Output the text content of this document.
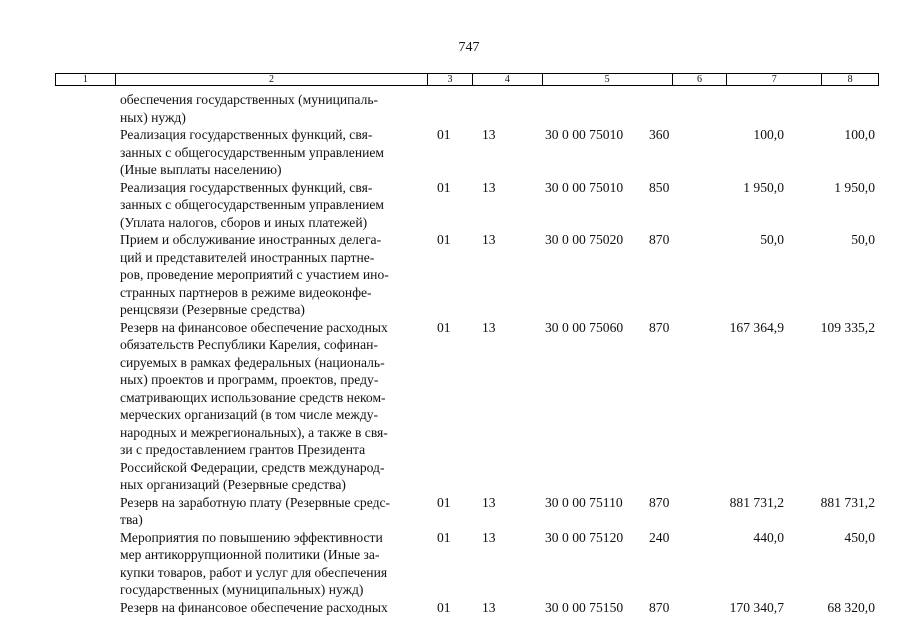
747
1	2	3	4	5	6	7	8
обеспечения государственных (муниципаль-
ных) нужд)
Реализация государственных функций, свя-
занных с общегосударственным управлением
(Иные выплаты населению)
01 13	30 0 00 75010 360	100,0	100,0
Реализация государственных функций, свя-
занных с общегосударственным управлением
(Уплата налогов, сборов и иных платежей)
01 13	30 0 00 75010 850	1 950,0	1 950,0
Прием и обслуживание иностранных делега-
ций и представителей иностранных партне-
ров, проведение мероприятий с участием ино-
странных партнеров в режиме видеоконфе-
ренцсвязи (Резервные средства)
01 13	30 0 00 75020 870	50,0	50,0
Резерв на финансовое обеспечение расходных
обязательств Республики Карелия, софинан-
сируемых в рамках федеральных (националь-
ных) проектов и программ, проектов, преду-
сматривающих использование средств неком-
мерческих организаций (в том числе между-
народных и межрегиональных), а также в свя-
зи с предоставлением грантов Президента
Российской Федерации, средств международ-
ных организаций (Резервные средства)
01 13	30 0 00 75060 870	167 364,9	109 335,2
Резерв на заработную плату (Резервные средс-
тва)
01 13	30 0 00 75110 870	881 731,2	881 731,2
Мероприятия по повышению эффективности
мер антикоррупционной политики (Иные за-
купки товаров, работ и услуг для обеспечения
государственных (муниципальных) нужд)
01 13	30 0 00 75120 240	440,0	450,0
Резерв на финансовое обеспечение расходных	01 13	30 0 00 75150 870	170 340,7	68 320,0
